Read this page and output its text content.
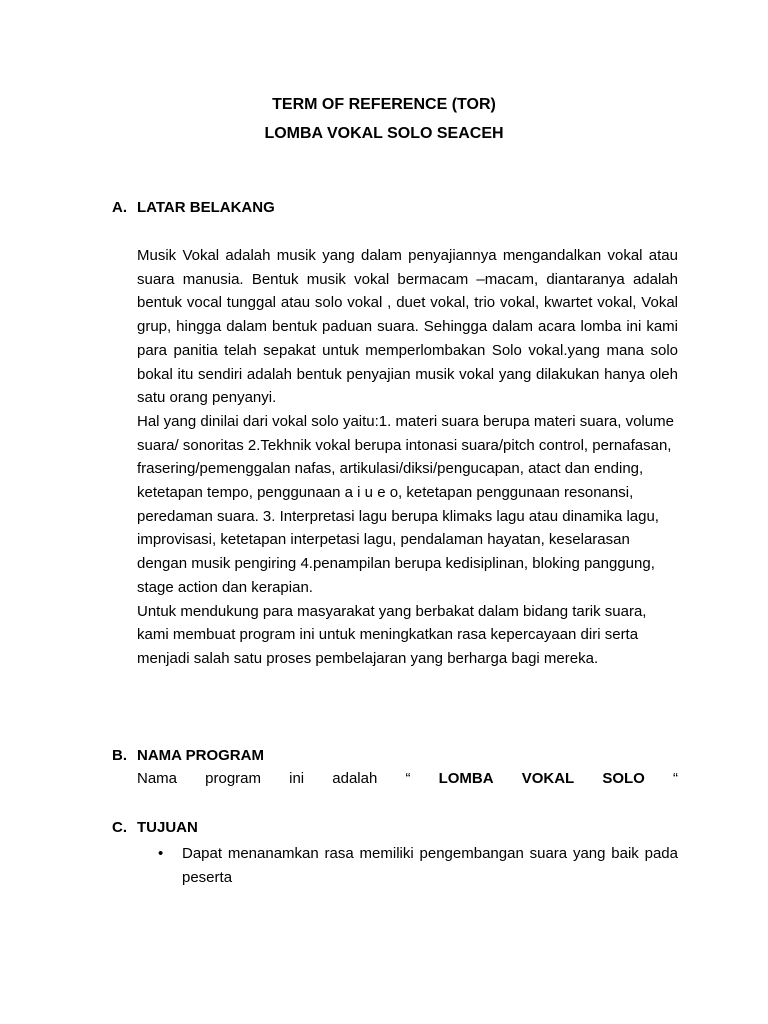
TERM OF REFERENCE (TOR)
LOMBA VOKAL SOLO SEACEH
A. LATAR BELAKANG

Musik Vokal adalah musik yang dalam penyajiannya mengandalkan vokal atau suara manusia. Bentuk musik vokal bermacam –macam, diantaranya adalah bentuk vocal tunggal atau solo vokal , duet vokal, trio vokal, kwartet vokal, Vokal grup, hingga dalam bentuk paduan suara. Sehingga dalam acara lomba ini kami para panitia telah sepakat untuk memperlombakan Solo vokal.yang mana solo bokal itu sendiri adalah bentuk penyajian musik vokal yang dilakukan hanya oleh satu orang penyanyi.

Hal yang dinilai dari vokal solo yaitu:1. materi suara berupa materi suara, volume suara/ sonoritas 2.Tekhnik vokal berupa intonasi suara/pitch control, pernafasan, frasering/pemenggalan nafas, artikulasi/diksi/pengucapan, atact dan ending, ketetapan tempo, penggunaan a i u e o, ketetapan penggunaan resonansi, peredaman suara. 3. Interpretasi lagu berupa klimaks lagu atau dinamika lagu, improvisasi, ketetapan interpetasi lagu, pendalaman hayatan, keselarasan dengan musik pengiring 4.penampilan berupa kedisiplinan, bloking panggung, stage action dan kerapian.

Untuk mendukung para masyarakat yang berbakat dalam bidang tarik suara, kami membuat program ini untuk meningkatkan rasa kepercayaan diri serta menjadi salah satu proses pembelajaran yang berharga bagi mereka.

B. NAMA PROGRAM
Nama program ini adalah “ LOMBA VOKAL SOLO “
C. TUJUAN
• Dapat menanamkan rasa memiliki pengembangan suara yang baik pada peserta
